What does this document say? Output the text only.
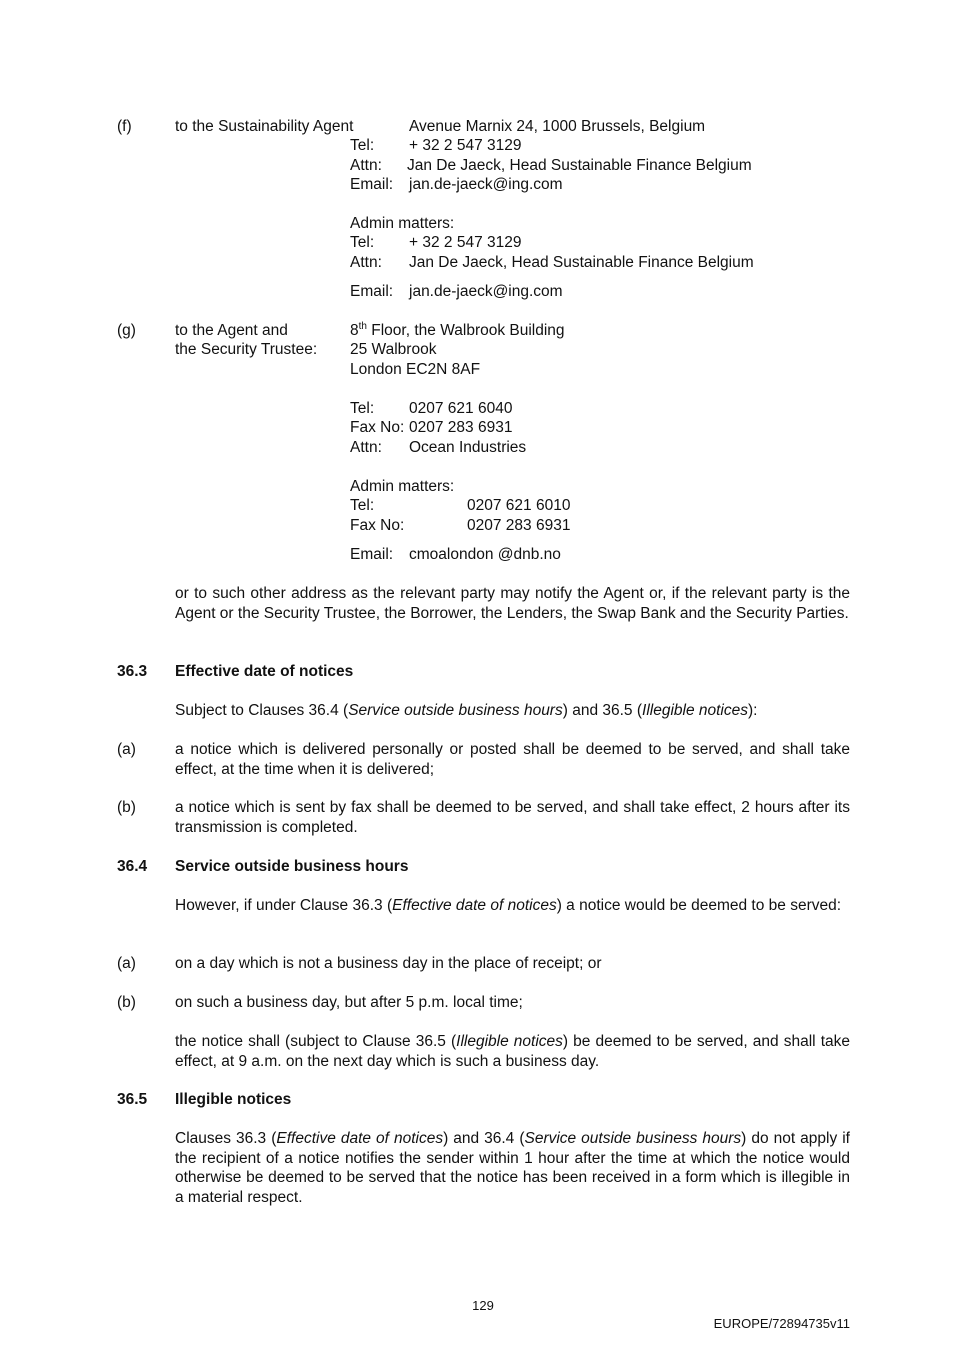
(f)	to the Sustainability Agent	Avenue Marnix 24, 1000 Brussels, Belgium
Tel: + 32 2 547 3129
Attn: Jan De Jaeck, Head Sustainable Finance Belgium
Email: jan.de-jaeck@ing.com
Admin matters:
Tel: + 32 2 547 3129
Attn: Jan De Jaeck, Head Sustainable Finance Belgium
Email: jan.de-jaeck@ing.com
(g)	to the Agent and
the Security Trustee:
8th Floor, the Walbrook Building
25 Walbrook
London EC2N 8AF
Tel: 0207 621 6040
Fax No: 0207 283 6931
Attn: Ocean Industries
Admin matters:
Tel:	0207 621 6010
Fax No:	0207 283 6931
Email: cmoalondon @dnb.no
or to such other address as the relevant party may notify the Agent or, if the relevant party is the Agent or the Security Trustee, the Borrower, the Lenders, the Swap Bank and the Security Parties.
36.3 Effective date of notices
Subject to Clauses 36.4 (Service outside business hours) and 36.5 (Illegible notices):
(a)	a notice which is delivered personally or posted shall be deemed to be served, and shall take effect, at the time when it is delivered;
(b)	a notice which is sent by fax shall be deemed to be served, and shall take effect, 2 hours after its transmission is completed.
36.4 Service outside business hours
However, if under Clause 36.3 (Effective date of notices) a notice would be deemed to be served:
(a)	on a day which is not a business day in the place of receipt; or
(b)	on such a business day, but after 5 p.m. local time;
the notice shall (subject to Clause 36.5 (Illegible notices) be deemed to be served, and shall take effect, at 9 a.m. on the next day which is such a business day.
36.5 Illegible notices
Clauses 36.3 (Effective date of notices) and 36.4 (Service outside business hours) do not apply if the recipient of a notice notifies the sender within 1 hour after the time at which the notice would otherwise be deemed to be served that the notice has been received in a form which is illegible in a material respect.
129
EUROPE/72894735v11
